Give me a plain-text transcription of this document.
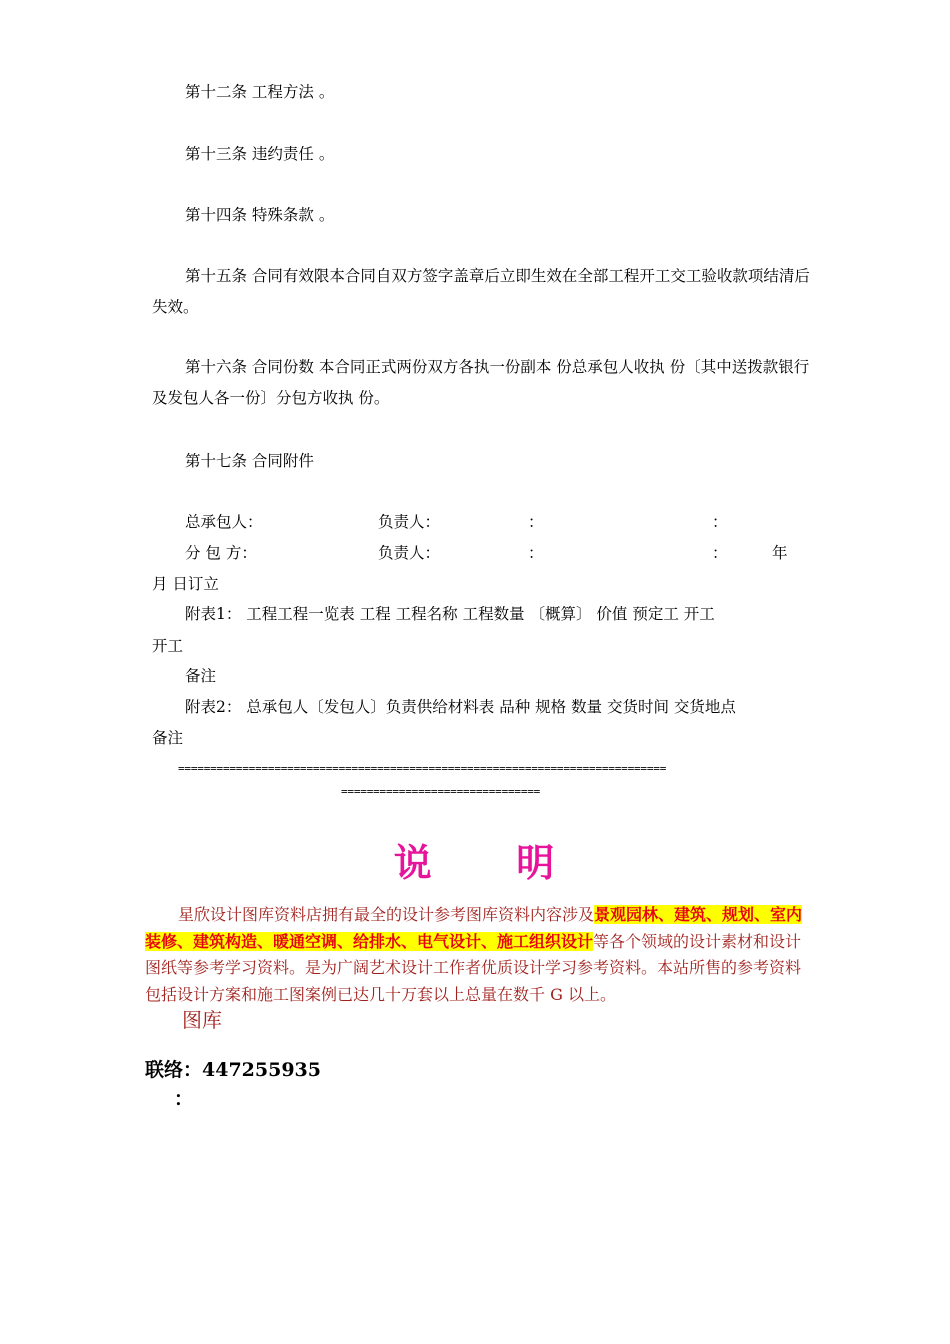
第十二条 工程方法 。
第十三条 违约责任 。
第十四条 特殊条款 。
第十五条 合同有效限本合同自双方签字盖章后立即生效在全部工程开工交工验收款项结清后失效。
第十六条 合同份数 本合同正式两份双方各执一份副本 份总承包人收执 份〔其中送拨款银行及发包人各一份〕分包方收执 份。
第十七条 合同附件
总承包人：	负责人：	：	：
分 包 方：	负责人：	：	：	年
月 日订立
附表1： 工程工程一览表 工程 工程名称 工程数量 〔概算〕 价值 预定工 开工
开工
备注
附表2： 总承包人〔发包人〕负责供给材料表 品种 规格 数量 交货时间 交货地点
备注
============================================================================
===============================
说 明
星欣设计图库资料店拥有最全的设计参考图库资料内容涉及景观园林、建筑、规划、室内装修、建筑构造、暖通空调、给排水、电气设计、施工组织设计等各个领域的设计素材和设计图纸等参考学习资料。是为广阔艺术设计工作者优质设计学习参考资料。本站所售的参考资料包括设计方案和施工图案例已达几十万套以上总量在数千 G 以上。
图库
联络：447255935
：
